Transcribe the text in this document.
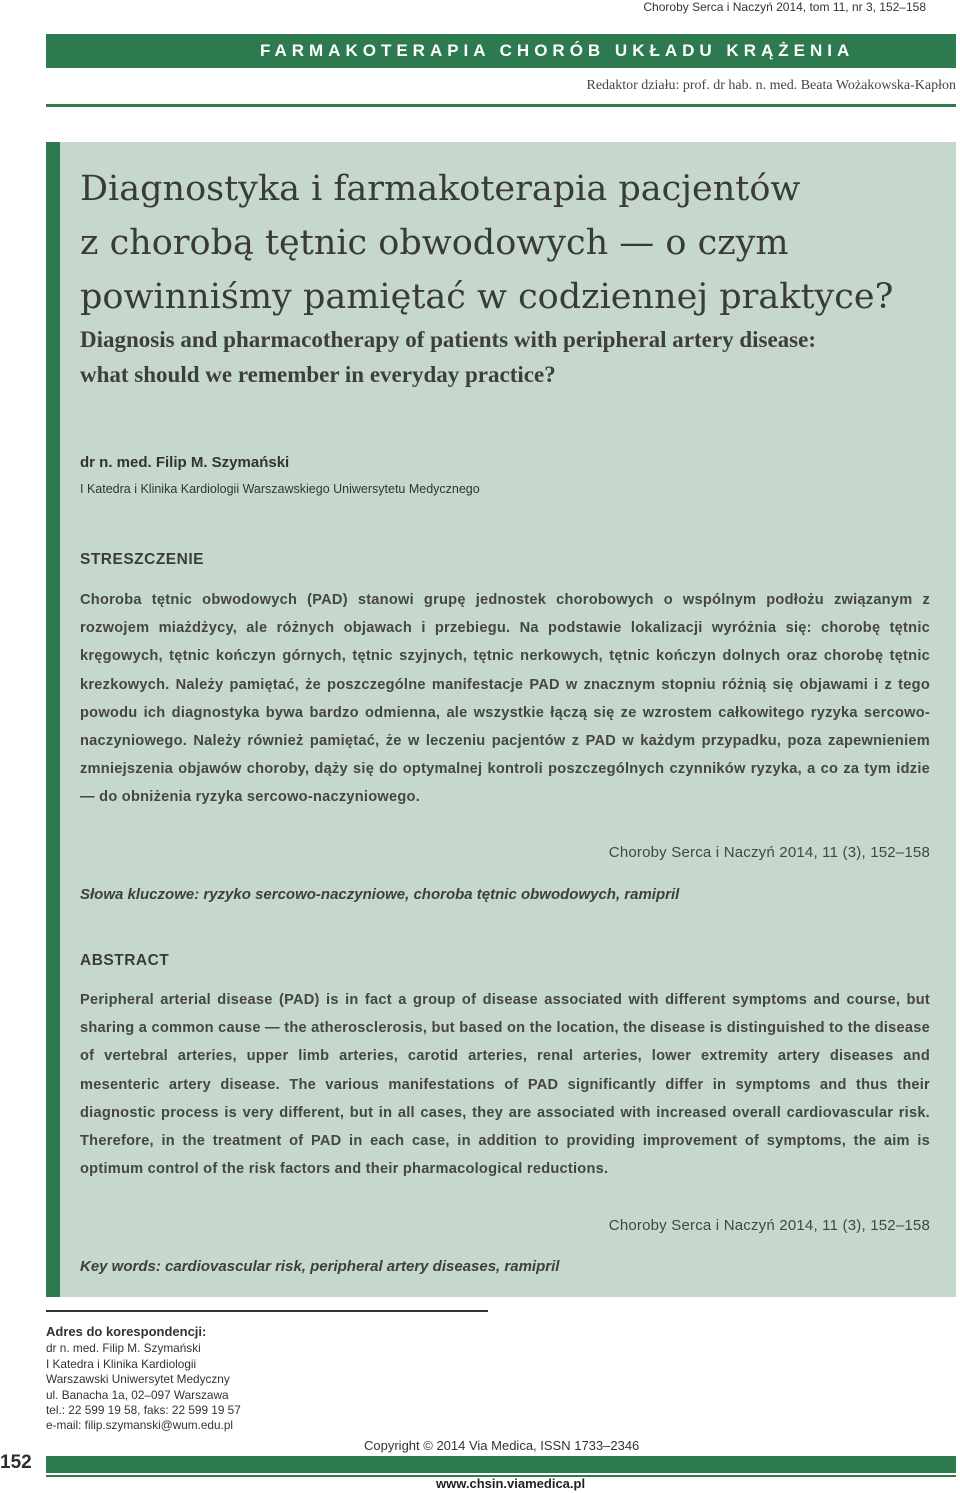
Choroby Serca i Naczyń 2014, tom 11, nr 3, 152–158
FARMAKOTERAPIA CHORÓB UKŁADU KRĄŻENIA
Redaktor działu: prof. dr hab. n. med. Beata Wożakowska-Kapłon
Diagnostyka i farmakoterapia pacjentów
z chorobą tętnic obwodowych — o czym
powinniśmy pamiętać w codziennej praktyce?
Diagnosis and pharmacotherapy of patients with peripheral artery disease:
what should we remember in everyday practice?
dr n. med. Filip M. Szymański
I Katedra i Klinika Kardiologii Warszawskiego Uniwersytetu Medycznego
STRESZCZENIE

Choroba tętnic obwodowych (PAD) stanowi grupę jednostek chorobowych o wspólnym podłożu związanym z rozwojem miażdżycy, ale różnych objawach i przebiegu. Na podstawie lokalizacji wyróżnia się: chorobę tętnic kręgowych, tętnic kończyn górnych, tętnic szyjnych, tętnic nerkowych, tętnic kończyn dolnych oraz chorobę tętnic krezkowych. Należy pamiętać, że poszczególne manifestacje PAD w znacznym stopniu różnią się objawami i z tego powodu ich diagnostyka bywa bardzo odmienna, ale wszystkie łączą się ze wzrostem całkowitego ryzyka sercowo-naczyniowego. Należy również pamiętać, że w leczeniu pacjentów z PAD w każdym przypadku, poza zapewnieniem zmniejszenia objawów choroby, dąży się do optymalnej kontroli poszczególnych czynników ryzyka, a co za tym idzie — do obniżenia ryzyka sercowo-naczyniowego.

Choroby Serca i Naczyń 2014, 11 (3), 152–158
Słowa kluczowe: ryzyko sercowo-naczyniowe, choroba tętnic obwodowych, ramipril
ABSTRACT

Peripheral arterial disease (PAD) is in fact a group of disease associated with different symptoms and course, but sharing a common cause — the atherosclerosis, but based on the location, the disease is distinguished to the disease of vertebral arteries, upper limb arteries, carotid arteries, renal arteries, lower extremity artery diseases and mesenteric artery disease. The various manifestations of PAD significantly differ in symptoms and thus their diagnostic process is very different, but in all cases, they are associated with increased overall cardiovascular risk. Therefore, in the treatment of PAD in each case, in addition to providing improvement of symptoms, the aim is optimum control of the risk factors and their pharmacological reductions.

Choroby Serca i Naczyń 2014, 11 (3), 152–158
Key words: cardiovascular risk, peripheral artery diseases, ramipril
Adres do korespondencji:
dr n. med. Filip M. Szymański
I Katedra i Klinika Kardiologii
Warszawski Uniwersytet Medyczny
ul. Banacha 1a, 02–097 Warszawa
tel.: 22 599 19 58, faks: 22 599 19 57
e-mail: filip.szymanski@wum.edu.pl
Copyright © 2014 Via Medica, ISSN 1733–2346
152
www.chsin.viamedica.pl
